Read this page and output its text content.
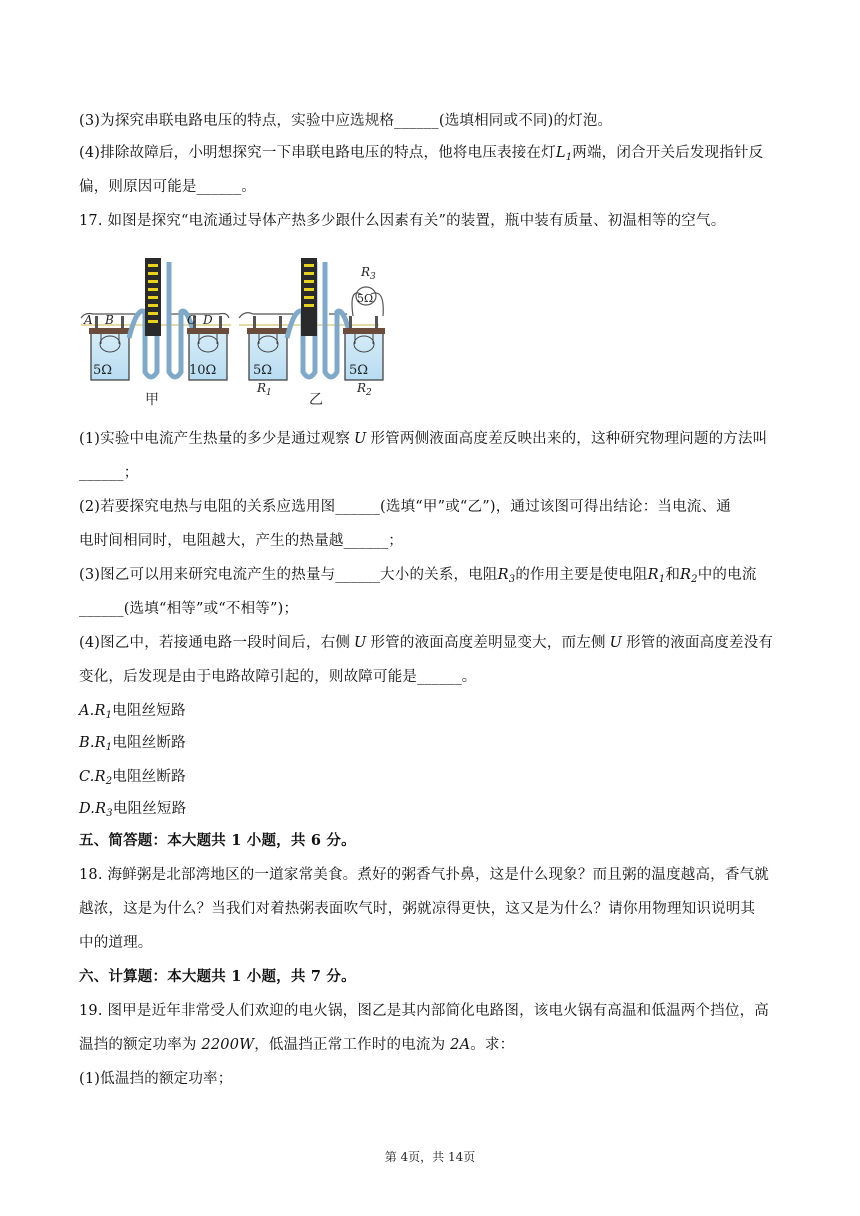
(3)为探究串联电路电压的特点，实验中应选规格______(选填相同或不同)的灯泡。
(4)排除故障后，小明想探究一下串联电路电压的特点，他将电压表接在灯$L_1$两端，闭合开关后发现指针反
偏，则原因可能是______。
17. 如图是探究“电流通过导体产热多少跟什么因素有关”的装置，瓶中装有质量、初温相等的空气。
5Ω
A B
10Ω
C D
甲
5Ω
$R_1$
5Ω
$R_2$
5Ω
$R_3$
乙
(1)实验中电流产生热量的多少是通过观察 U 形管两侧液面高度差反映出来的，这种研究物理问题的方法叫
______；
(2)若要探究电热与电阻的关系应选用图______(选填“甲”或“乙”)，通过该图可得出结论：当电流、通
电时间相同时，电阻越大，产生的热量越______；
(3)图乙可以用来研究电流产生的热量与______大小的关系，电阻$R_3$的作用主要是使电阻$R_1$和$R_2$中的电流
______(选填“相等”或“不相等”)；
(4)图乙中，若接通电路一段时间后，右侧 U 形管的液面高度差明显变大，而左侧 U 形管的液面高度差没有
变化，后发现是由于电路故障引起的，则故障可能是______。
$A.R_1$电阻丝短路
$B.R_1$电阻丝断路
$C.R_2$电阻丝断路
$D.R_3$电阻丝短路
五、简答题：本大题共 1 小题，共 6 分。
18. 海鲜粥是北部湾地区的一道家常美食。煮好的粥香气扑鼻，这是什么现象？而且粥的温度越高，香气就
越浓，这是为什么？当我们对着热粥表面吹气时，粥就凉得更快，这又是为什么？请你用物理知识说明其
中的道理。
六、计算题：本大题共 1 小题，共 7 分。
19. 图甲是近年非常受人们欢迎的电火锅，图乙是其内部简化电路图，该电火锅有高温和低温两个挡位，高
温挡的额定功率为 2200W，低温挡正常工作时的电流为 2A。求：
(1)低温挡的额定功率；
第 4页，共 14页
